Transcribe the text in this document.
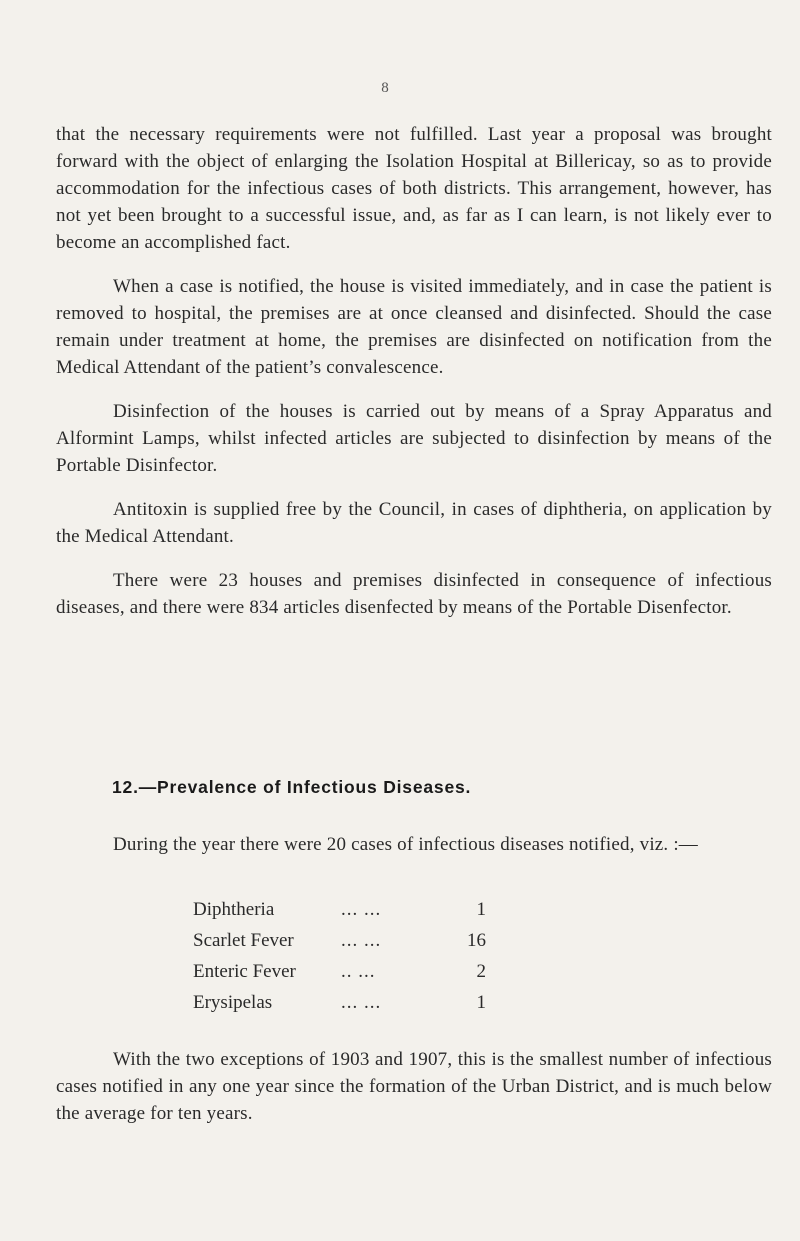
8

that the necessary requirements were not fulfilled. Last year a proposal was brought forward with the object of enlarging the Isolation Hospital at Billericay, so as to provide accommodation for the infectious cases of both districts. This arrangement, however, has not yet been brought to a successful issue, and, as far as I can learn, is not likely ever to become an accomplished fact.

When a case is notified, the house is visited immediately, and in case the patient is removed to hospital, the premises are at once cleansed and disinfected. Should the case remain under treatment at home, the premises are disinfected on notification from the Medical Attendant of the patient’s convalescence.

Disinfection of the houses is carried out by means of a Spray Apparatus and Alformint Lamps, whilst infected articles are subjected to disinfection by means of the Portable Disinfector.

Antitoxin is supplied free by the Council, in cases of diphtheria, on application by the Medical Attendant.

There were 23 houses and premises disinfected in consequence of infectious diseases, and there were 834 articles disenfected by means of the Portable Disenfector.

12.—Prevalence of Infectious Diseases.

During the year there were 20 cases of infectious diseases notified, viz. :—

Diphtheria	... ...	1
Scarlet Fever ... ...	16
Enteric Fever .. ...	2
Erysipelas	... ...	1

With the two exceptions of 1903 and 1907, this is the smallest number of infectious cases notified in any one year since the formation of the Urban District, and is much below the average for ten years.
